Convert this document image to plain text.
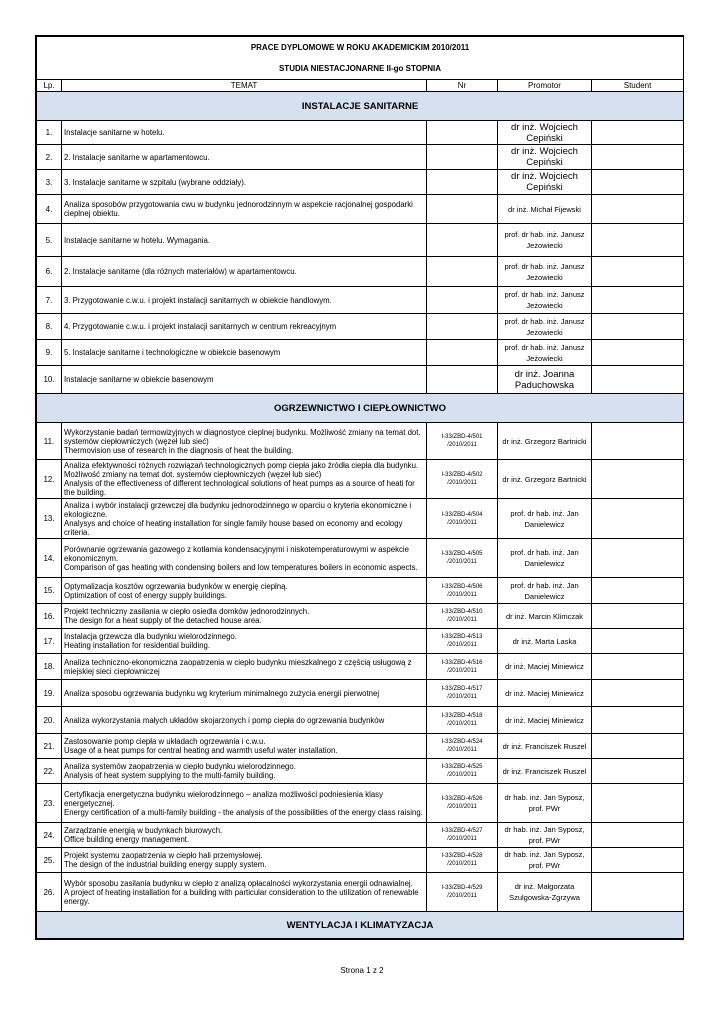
PRACE DYPLOMOWE W ROKU AKADEMICKIM 2010/2011				
STUDIA NIESTACJONARNE II-go STOPNIA				
Lp.	TEMAT	Nr	Promotor	Student
INSTALACJE SANITARNE				
1.	Instalacje sanitarne w hotelu.		dr inż. Wojciech Cepiński	
2.	2. Instalacje sanitarne w apartamentowcu.		dr inż. Wojciech Cepiński	
3.	3. Instalacje sanitarne w szpitalu (wybrane oddziały).		dr inż. Wojciech Cepiński	
4.	Analiza sposobów przygotowania cwu w budynku jednorodzinnym w aspekcie racjonalnej gospodarki cieplnej obiektu.		dr inż. Michał Fijewski	
5.	Instalacje sanitarne w hotelu. Wymagania.		prof. dr hab. inż. Janusz Jeżowiecki	
6.	2. Instalacje sanitarne (dla różnych materiałów) w apartamentowcu.		prof. dr hab. inż. Janusz Jeżowiecki	
7.	3. Przygotowanie c.w.u. i projekt instalacji sanitarnych w obiekcie handlowym.		prof. dr hab. inż. Janusz Jeżowiecki	
8.	4. Przygotowanie c.w.u. i projekt instalacji sanitarnych w centrum rekreacyjnym		prof. dr hab. inż. Janusz Jeżowiecki	
9.	5. Instalacje sanitarne i technologiczne w obiekcie basenowym		prof. dr hab. inż. Janusz Jeżowiecki	
10.	Instalacje sanitarne w obiekcie basenowym		dr inż. Joanna Paduchowska	
OGRZEWNICTWO I CIEPŁOWNICTWO				
11.	Wykorzystanie badań termowizyjnych w diagnostyce cieplnej budynku. Możliwość zmiany na temat dot. systemów ciepłowniczych (węzeł lub sieć)
Thermovision use of research in the diagnosis of heat the building.	I-33/ZBD-4/501 /2010/2011	dr inż. Grzegorz Bartnicki	
12.	Analiza efektywności różnych rozwiązań technologicznych pomp ciepła jako źródła ciepła dla budynku. Możliwość zmiany na temat dot. systemów ciepłowniczych (węzeł lub sieć)
Analysis of the effectiveness of different technological solutions of heat pumps as a source of heati for the building.	I-33/ZBD-4/502 /2010/2011	dr inż. Grzegorz Bartnicki	
13.	Analiza i wybór instalacji grzewczej dla budynku jednorodzinnego w oparciu o kryteria ekonomiczne i ekologiczne.
Analysys and choice of heating installation for single family house based on economy and ecology criteria.	I-33/ZBD-4/504 /2010/2011	prof. dr hab. inż. Jan Danielewicz	
14.	Porównanie ogrzewania gazowego z kotłamia kondensacyjnymi i niskotemperaturowymi w aspekcie ekonomicznym.
Comparison of gas heating with condensing boilers and low temperatures boilers in economic aspects.	I-33/ZBD-4/505 /2010/2011	prof. dr hab. inż. Jan Danielewicz	
15.	Optymalizacja kosztów ogrzewania budynków w energię cieplną.
Optimization of cost of energy supply buildings.	I-33/ZBD-4/506 /2010/2011	prof. dr hab. inż. Jan Danielewicz	
16.	Projekt techniczny zasilania w ciepło osiedla domków jednorodzinnych.
The design for a heat supply of the detached house area.	I-33/ZBD-4/510 /2010/2011	dr inż. Marcin Klimczak	
17.	Instalacja grzewcza dla budynku wielorodzinnego.
Heating installation for residential building.	I-33/ZBD-4/513 /2010/2011	dr inż. Marta Laska	
18.	Analiza techniczno-ekonomiczna zaopatrzenia w ciepło budynku mieszkalnego z częścią usługową z miejskiej sieci ciepłowniczej	I-33/ZBD-4/516 /2010/2011	dr inż. Maciej Miniewicz	
19.	Analiza sposobu ogrzewania budynku wg kryterium minimalnego zużycia energii pierwotnej	I-33/ZBD-4/517 /2010/2011	dr inż. Maciej Miniewicz	
20.	Analiza wykorzystania małych układów skojarzonych i pomp ciepła do ogrzewania budynków	I-33/ZBD-4/518 /2010/2011	dr inż. Maciej Miniewicz	
21.	Zastosowanie pomp ciepła w układach ogrzewania i c.w.u.
Usage of a heat pumps for central heating and warmth useful water installation.	I-33/ZBD-4/524 /2010/2011	dr inż. Franciszek Ruszel	
22.	Analiza systemów zaopatrzenia w ciepło budynku wielorodzinnego.
Analysis of heat system supplying to the multi-family building.	I-33/ZBD-4/525 /2010/2011	dr inż. Franciszek Ruszel	
23.	Certyfikacja energetyczna budynku wielorodzinnego – analiza możliwości podniesienia klasy energetycznej.
Energy certification of a multi-family building - the analysis of the possibilities of the energy class raising.	I-33/ZBD-4/526 /2010/2011	dr hab. inż. Jan Syposz, prof. PWr	
24.	Zarządzanie energią w budynkach biurowych.
Office building energy management.	I-33/ZBD-4/527 /2010/2011	dr hab. inż. Jan Syposz, prof. PWr	
25.	Projekt systemu zaopatrzenia w ciepło hali przemysłowej.
The design of the industrial building energy supply system.	I-33/ZBD-4/528 /2010/2011	dr hab. inż. Jan Syposz, prof. PWr	
26.	Wybór sposobu zasilania budynku w ciepło z analizą opłacalności wykorzystania energii odnawialnej.
A project of heating installation for a building with particular consideration to the utilization of renewable energy.	I-33/ZBD-4/529 /2010/2011	dr inż. Małgorzata Szulgowska-Zgrzywa	
WENTYLACJA I KLIMATYZACJA				
Strona 1 z 2
